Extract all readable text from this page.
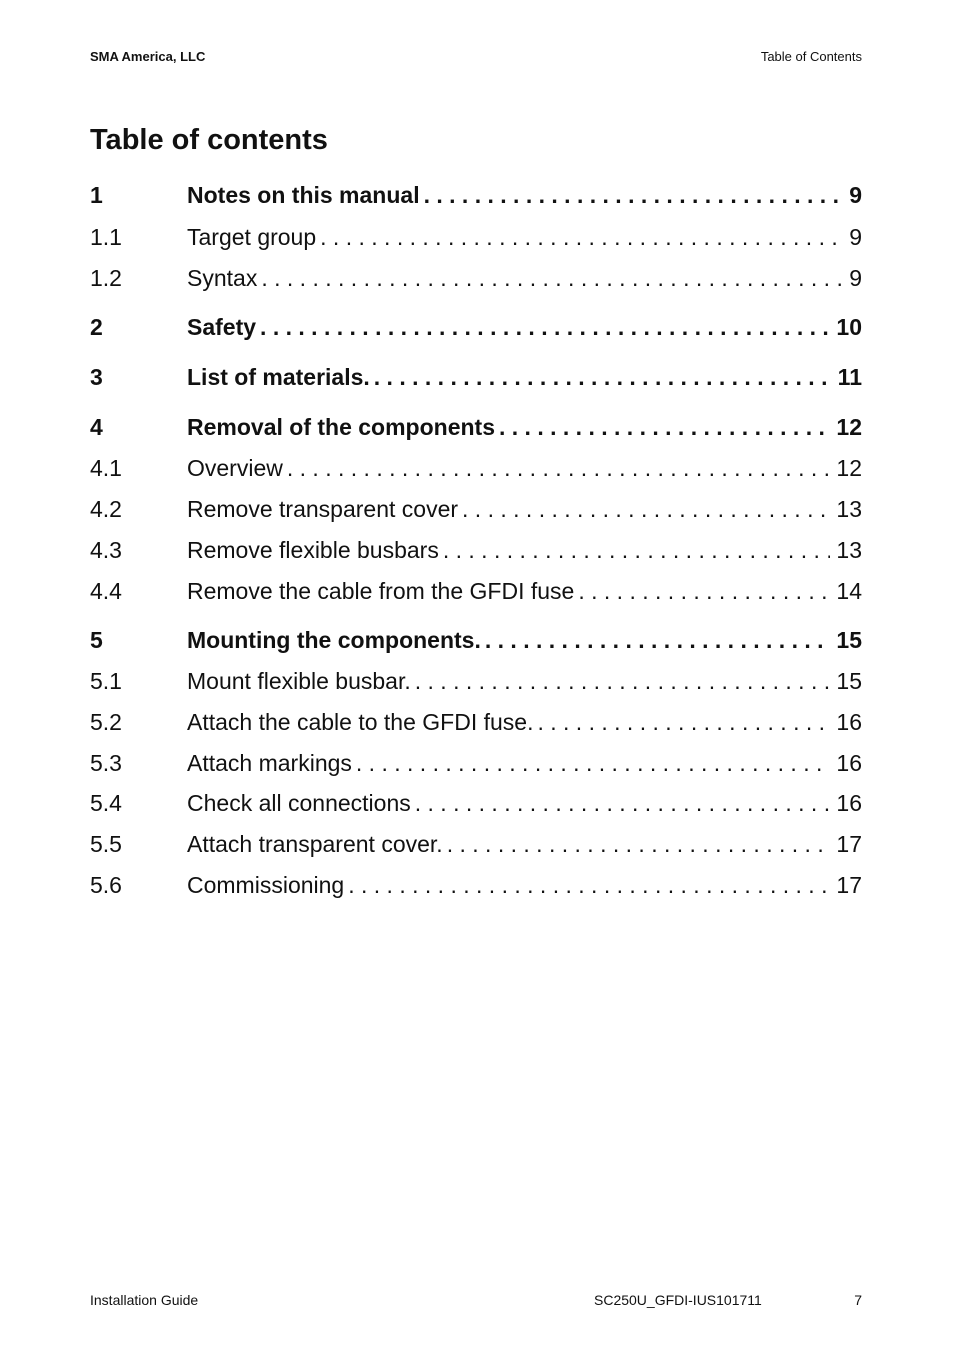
SMA America, LLC	Table of Contents
Table of contents
1	Notes on this manual . . .	9
1.1	Target group . . .	9
1.2	Syntax . . .	9
2	Safety . . .	10
3	List of materials. . . .	11
4	Removal of the components . . .	12
4.1	Overview . . .	12
4.2	Remove transparent cover . . .	13
4.3	Remove flexible busbars . . .	13
4.4	Remove the cable from the GFDI fuse . . .	14
5	Mounting the components. . . .	15
5.1	Mount flexible busbar. . . .	15
5.2	Attach the cable to the GFDI fuse. . . .	16
5.3	Attach markings . . .	16
5.4	Check all connections . . .	16
5.5	Attach transparent cover. . . .	17
5.6	Commissioning . . .	17
Installation Guide	SC250U_GFDI-IUS101711	7
